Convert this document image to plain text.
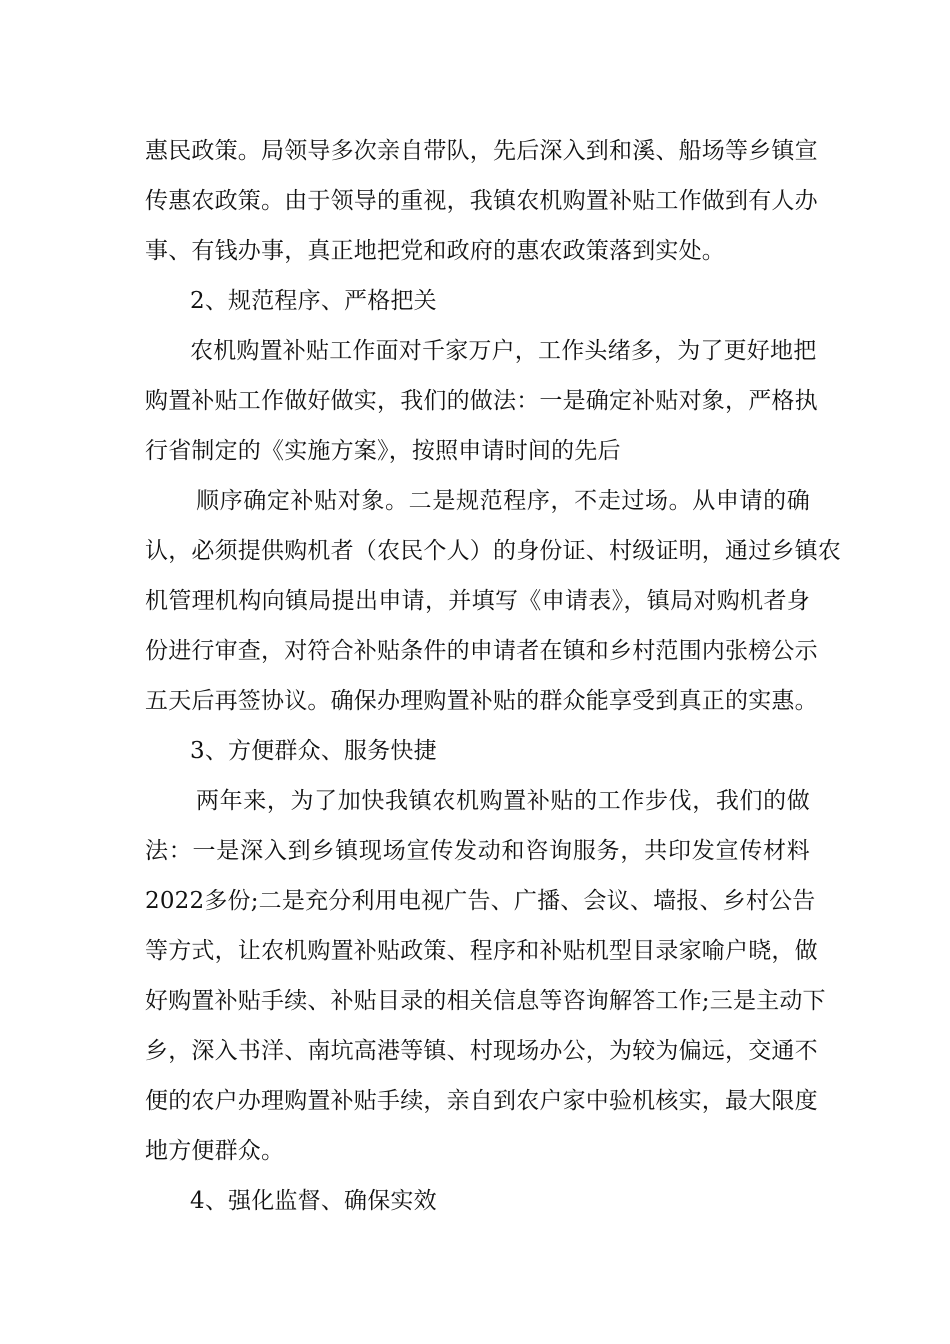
惠民政策。局领导多次亲自带队，先后深入到和溪、船场等乡镇宣
传惠农政策。由于领导的重视，我镇农机购置补贴工作做到有人办
事、有钱办事，真正地把党和政府的惠农政策落到实处。
2、规范程序、严格把关
农机购置补贴工作面对千家万户，工作头绪多，为了更好地把
购置补贴工作做好做实，我们的做法：一是确定补贴对象，严格执
行省制定的《实施方案》，按照申请时间的先后
顺序确定补贴对象。二是规范程序，不走过场。从申请的确
认，必须提供购机者（农民个人）的身份证、村级证明，通过乡镇农
机管理机构向镇局提出申请，并填写《申请表》，镇局对购机者身
份进行审查，对符合补贴条件的申请者在镇和乡村范围内张榜公示
五天后再签协议。确保办理购置补贴的群众能享受到真正的实惠。
3、方便群众、服务快捷
两年来，为了加快我镇农机购置补贴的工作步伐，我们的做
法：一是深入到乡镇现场宣传发动和咨询服务，共印发宣传材料
2022多份;二是充分利用电视广告、广播、会议、墙报、乡村公告
等方式，让农机购置补贴政策、程序和补贴机型目录家喻户晓，做
好购置补贴手续、补贴目录的相关信息等咨询解答工作;三是主动下
乡，深入书洋、南坑高港等镇、村现场办公，为较为偏远，交通不
便的农户办理购置补贴手续，亲自到农户家中验机核实，最大限度
地方便群众。
4、强化监督、确保实效
